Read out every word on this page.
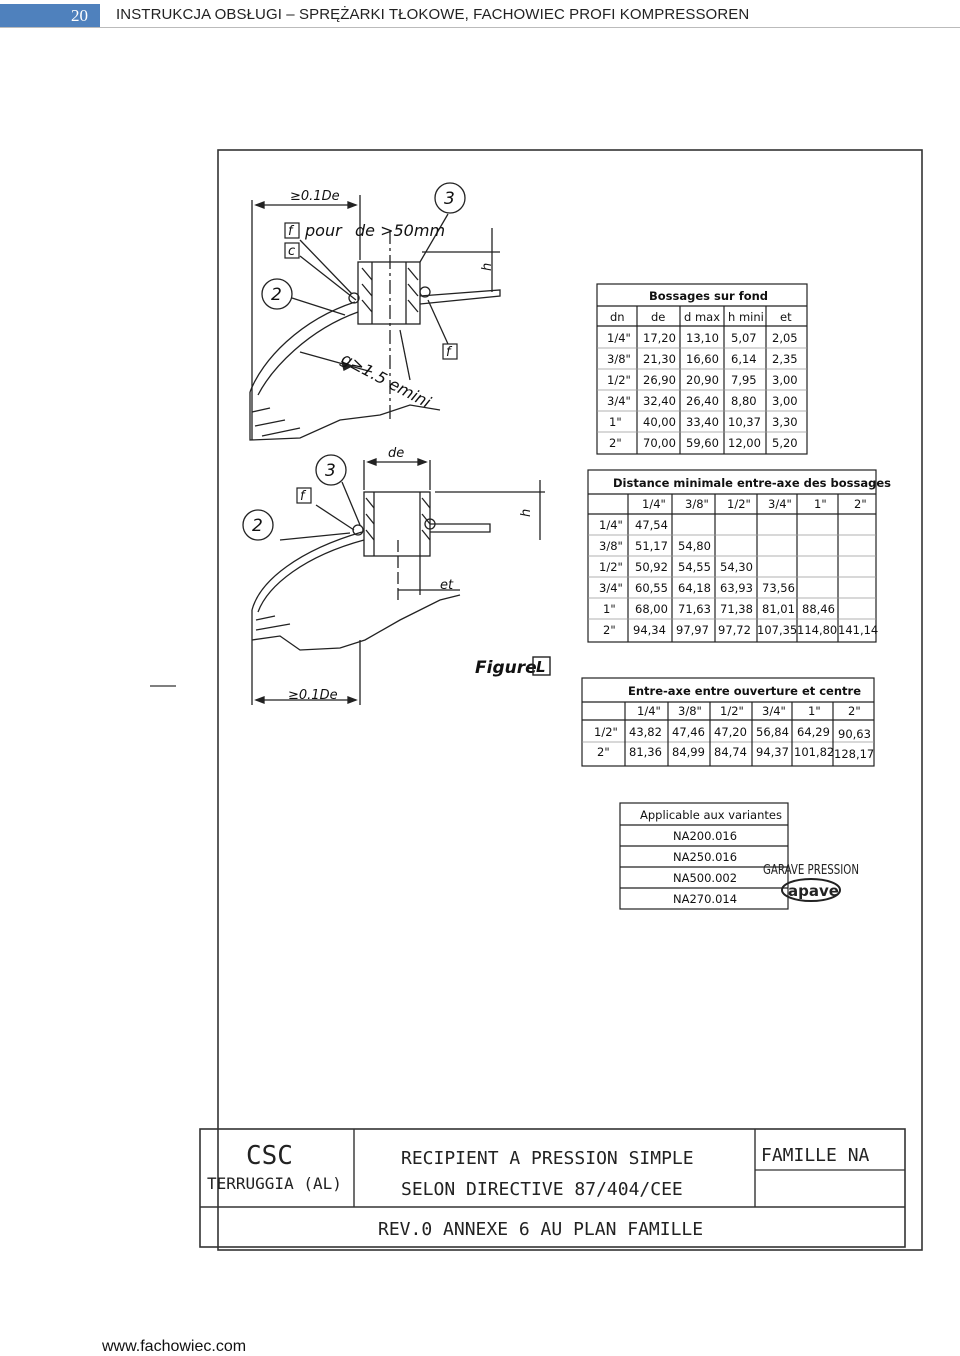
20	INSTRUKCJA OBSŁUGI – SPRĘŻARKI TŁOKOWE, FACHOWIEC PROFI KOMPRESSOREN
≥0.1De
f pour de >50mm
c
2
3
h
f
g≥1.5 emini
de
3
f
2
h
et
≥0.1De
Figure L
Bossages sur fond
dn de d max h mini et
1/4" 17,20 13,10 5,07 2,05
3/8" 21,30 16,60 6,14 2,35
1/2" 26,90 20,90 7,95 3,00
3/4" 32,40 26,40 8,80 3,00
1" 40,00 33,40 10,37 3,30
2" 70,00 59,60 12,00 5,20
Distance minimale entre-axe des bossages
1/4" 3/8" 1/2" 3/4" 1" 2"
1/4" 47,54
3/8" 51,17 54,80
1/2" 50,92 54,55 54,30
3/4" 60,55 64,18 63,93 73,56
1" 68,00 71,63 71,38 81,01 88,46
2" 94,34 97,97 97,72 107,35 114,80 141,14
Entre-axe entre ouverture et centre
1/4" 3/8" 1/2" 3/4" 1" 2"
1/2" 43,82 47,46 47,20 56,84 64,29 90,63
2" 81,36 84,99 84,74 94,37 101,82 128,17
Applicable aux variantes
NA200.016
NA250.016
NA500.002
NA270.014
GARAVE PRESSION
apave
CSC
TERRUGGIA (AL)
RECIPIENT A PRESSION SIMPLE
SELON DIRECTIVE 87/404/CEE
FAMILLE NA
REV.0 ANNEXE 6 AU PLAN FAMILLE
www.fachowiec.com
